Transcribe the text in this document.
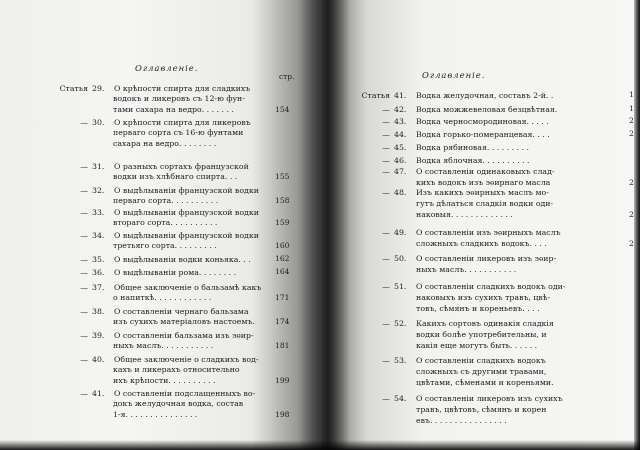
Оглавленіе.
стр.	Оглавленіе.
Статья 29. О крѣпости спирта для сладкихъ
водокъ и ликеровъ съ 12-ю фун-
тами сахара на ведро. . . . . . .	154
— 30. О крѣпости спирта для ликеровъ
перваго сорта съ 16-ю фунтами
сахара на ведро. . . . . . . .
— 31. О разныхъ сортахъ французской
водки изъ хлѣбнаго спирта. . .	155
— 32. О выдѣлываніи французской водки
перваго сорта. . . . . . . . . .	158
— 33. О выдѣлываніи французской водки
втораго сорта. . . . . . . . . .	159
— 34. О выдѣлываніи французской водки
третьяго сорта. . . . . . . . .	160
— 35. О выдѣлываніи водки коньяка. . .	162
— 36. О выдѣлываніи рома. . . . . . . .	164
— 37. Общее заключеніе о бальзамѣ какъ
о напиткѣ. . . . . . . . . . . .	171
— 38. О составленіи чернаго бальзама
изъ сухихъ матеріаловъ настоемъ.	174
— 39. О составленіи бальзама изъ эѳир-
ныхъ маслъ. . . . . . . . . . .	181
— 40. Общее заключеніе о сладкихъ вод-
кахъ и ликерахъ относительно
ихъ крѣпости. . . . . . . . . .	199
— 41. О составленіи подслащенныхъ во-
докъ желудочная водка, состав
1-я. . . . . . . . . . . . . . .	198
Статья 41. Водка желудочная, составъ 2-й. .	1
— 42. Водка можжевеловая безцвѣтная.	1
— 43. Водка черносмородиновая. . . . .	2
— 44. Водка горько-померанцевая. . . .	2
— 45. Водка рябиновая. . . . . . . . .
— 46. Водка яблочная. . . . . . . . . .
— 47. О составленіи одинаковыхъ слад-
кихъ водокъ изъ эѳирнаго масла	2
— 48. Изъ какихъ эѳирныхъ маслъ мо-
гутъ дѣлаться сладкія водки оди-
наковыя. . . . . . . . . . . . .	2
— 49. О составленіи изъ эѳирныхъ маслъ
сложныхъ сладкихъ водокъ. . . .	2
— 50. О составленіи ликеровъ изъ эѳир-
ныхъ маслъ. . . . . . . . . . .
— 51. О составленіи сладкихъ водокъ оди-
наковыхъ изъ сухихъ травъ, цвѣ-
товъ, сѣмянъ и кореньевъ. . . .
— 52. Какихъ сортовъ одинакія сладкія
водки болѣе употребительны, и
какія еще могутъ быть. . . . . .
— 53. О составленіи сладкихъ водокъ
сложныхъ съ другими травами,
цвѣтами, сѣменами и кореньями.
— 54. О составленіи ликеровъ изъ сухихъ
травъ, цвѣтовъ, сѣмянъ и корен
евъ. . . . . . . . . . . . . . . .
